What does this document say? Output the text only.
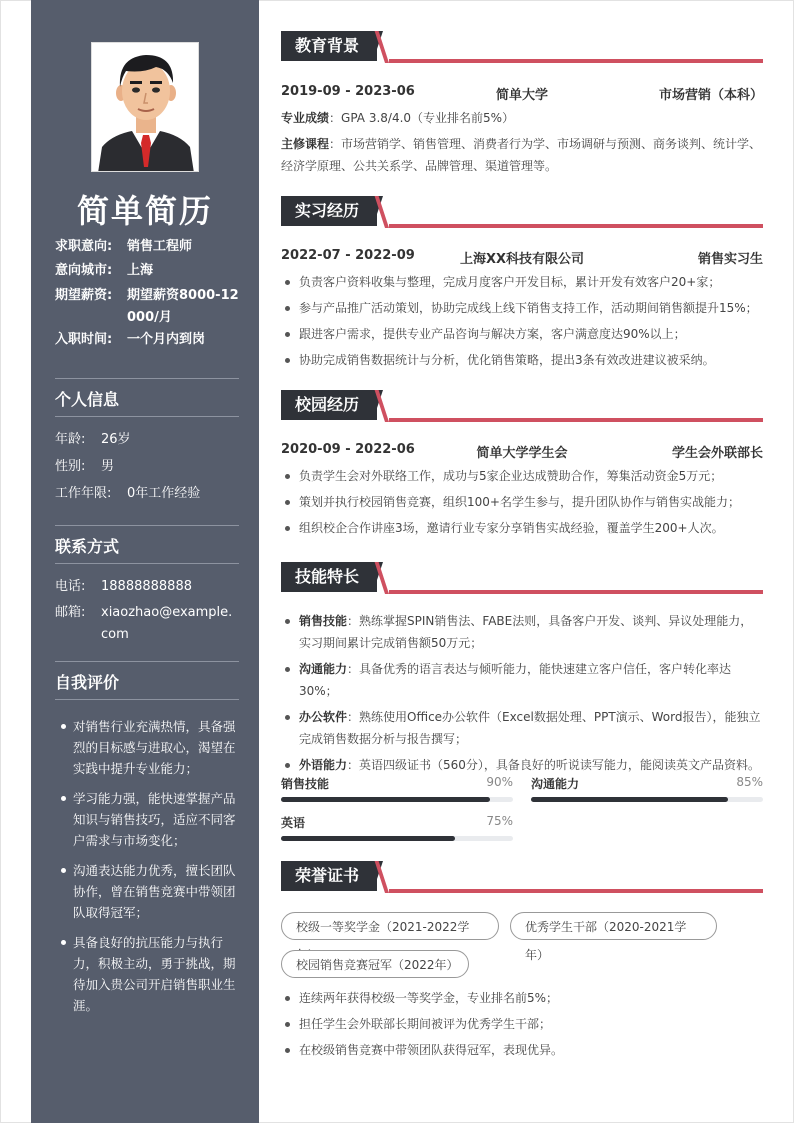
简单简历
求职意向: 销售工程师
意向城市: 上海
期望薪资: 期望薪资8000-12000/月
入职时间: 一个月内到岗
个人信息
年龄: 26岁
性别: 男
工作年限: 0年工作经验
联系方式
电话: 18888888888
邮箱: xiaozhao@example.com
自我评价
对销售行业充满热情，具备强烈的目标感与进取心，渴望在实践中提升专业能力；
学习能力强，能快速掌握产品知识与销售技巧，适应不同客户需求与市场变化；
沟通表达能力优秀，擅长团队协作，曾在销售竞赛中带领团队取得冠军；
具备良好的抗压能力与执行力，积极主动，勇于挑战，期待加入贵公司开启销售职业生涯。
教育背景
2019-09 - 2023-06	简单大学	市场营销（本科）
专业成绩：GPA 3.8/4.0（专业排名前5%）
主修课程：市场营销学、销售管理、消费者行为学、市场调研与预测、商务谈判、统计学、经济学原理、公共关系学、品牌管理、渠道管理等。
实习经历
2022-07 - 2022-09	上海XX科技有限公司	销售实习生
负责客户资料收集与整理，完成月度客户开发目标，累计开发有效客户20+家；
参与产品推广活动策划，协助完成线上线下销售支持工作，活动期间销售额提升15%；
跟进客户需求，提供专业产品咨询与解决方案，客户满意度达90%以上；
协助完成销售数据统计与分析，优化销售策略，提出3条有效改进建议被采纳。
校园经历
2020-09 - 2022-06	简单大学学生会	学生会外联部长
负责学生会对外联络工作，成功与5家企业达成赞助合作，筹集活动资金5万元；
策划并执行校园销售竞赛，组织100+名学生参与，提升团队协作与销售实战能力；
组织校企合作讲座3场，邀请行业专家分享销售实战经验，覆盖学生200+人次。
技能特长
销售技能：熟练掌握SPIN销售法、FABE法则，具备客户开发、谈判、异议处理能力，实习期间累计完成销售额50万元；
沟通能力：具备优秀的语言表达与倾听能力，能快速建立客户信任，客户转化率达30%；
办公软件：熟练使用Office办公软件（Excel数据处理、PPT演示、Word报告），能独立完成销售数据分析与报告撰写；
外语能力：英语四级证书（560分），具备良好的听说读写能力，能阅读英文产品资料。
销售技能	90% 沟通能力	85%
英语	75%
荣誉证书
校级一等奖学金（2021-2022学	优秀学生干部（2020-2021学年）
校园销售竞赛冠军（2022年）
连续两年获得校级一等奖学金，专业排名前5%；
担任学生会外联部长期间被评为优秀学生干部；
在校级销售竞赛中带领团队获得冠军，表现优异。
